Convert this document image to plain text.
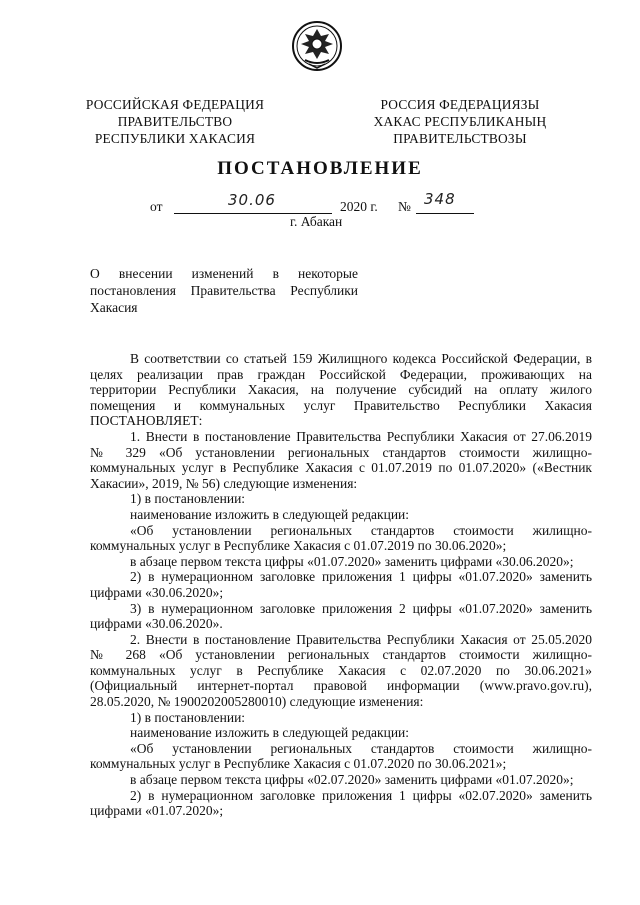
РОССИЙСКАЯ ФЕДЕРАЦИЯ
ПРАВИТЕЛЬСТВО
РЕСПУБЛИКИ ХАКАСИЯ
РОССИЯ ФЕДЕРАЦИЯЗЫ
ХАКАС РЕСПУБЛИКАНЫҢ
ПРАВИТЕЛЬСТВОЗЫ
ПОСТАНОВЛЕНИЕ
от	30.06	2020 г. № 348
г. Абакан
О внесении изменений в некоторые
постановления Правительства Республики
Хакасия
В соответствии со статьей 159 Жилищного кодекса Российской Федерации, в
целях реализации прав граждан Российской Федерации, проживающих на
территории Республики Хакасия, на получение субсидий на оплату жилого
помещения и коммунальных услуг Правительство Республики Хакасия
ПОСТАНОВЛЯЕТ:
1. Внести в постановление Правительства Республики Хакасия от 27.06.2019
№ 329 «Об установлении региональных стандартов стоимости жилищно-
коммунальных услуг в Республике Хакасия с 01.07.2019 по 01.07.2020» («Вестник
Хакасии», 2019, № 56) следующие изменения:
1) в постановлении:
наименование изложить в следующей редакции:
«Об установлении региональных стандартов стоимости жилищно-
коммунальных услуг в Республике Хакасия с 01.07.2019 по 30.06.2020»;
в абзаце первом текста цифры «01.07.2020» заменить цифрами «30.06.2020»;
2) в нумерационном заголовке приложения 1 цифры «01.07.2020» заменить
цифрами «30.06.2020»;
3) в нумерационном заголовке приложения 2 цифры «01.07.2020» заменить
цифрами «30.06.2020».
2. Внести в постановление Правительства Республики Хакасия от 25.05.2020
№ 268 «Об установлении региональных стандартов стоимости жилищно-
коммунальных услуг в Республике Хакасия с 02.07.2020 по 30.06.2021»
(Официальный интернет-портал правовой информации (www.pravo.gov.ru),
28.05.2020, № 1900202005280010) следующие изменения:
1) в постановлении:
наименование изложить в следующей редакции:
«Об установлении региональных стандартов стоимости жилищно-
коммунальных услуг в Республике Хакасия с 01.07.2020 по 30.06.2021»;
в абзаце первом текста цифры «02.07.2020» заменить цифрами «01.07.2020»;
2) в нумерационном заголовке приложения 1 цифры «02.07.2020» заменить
цифрами «01.07.2020»;
